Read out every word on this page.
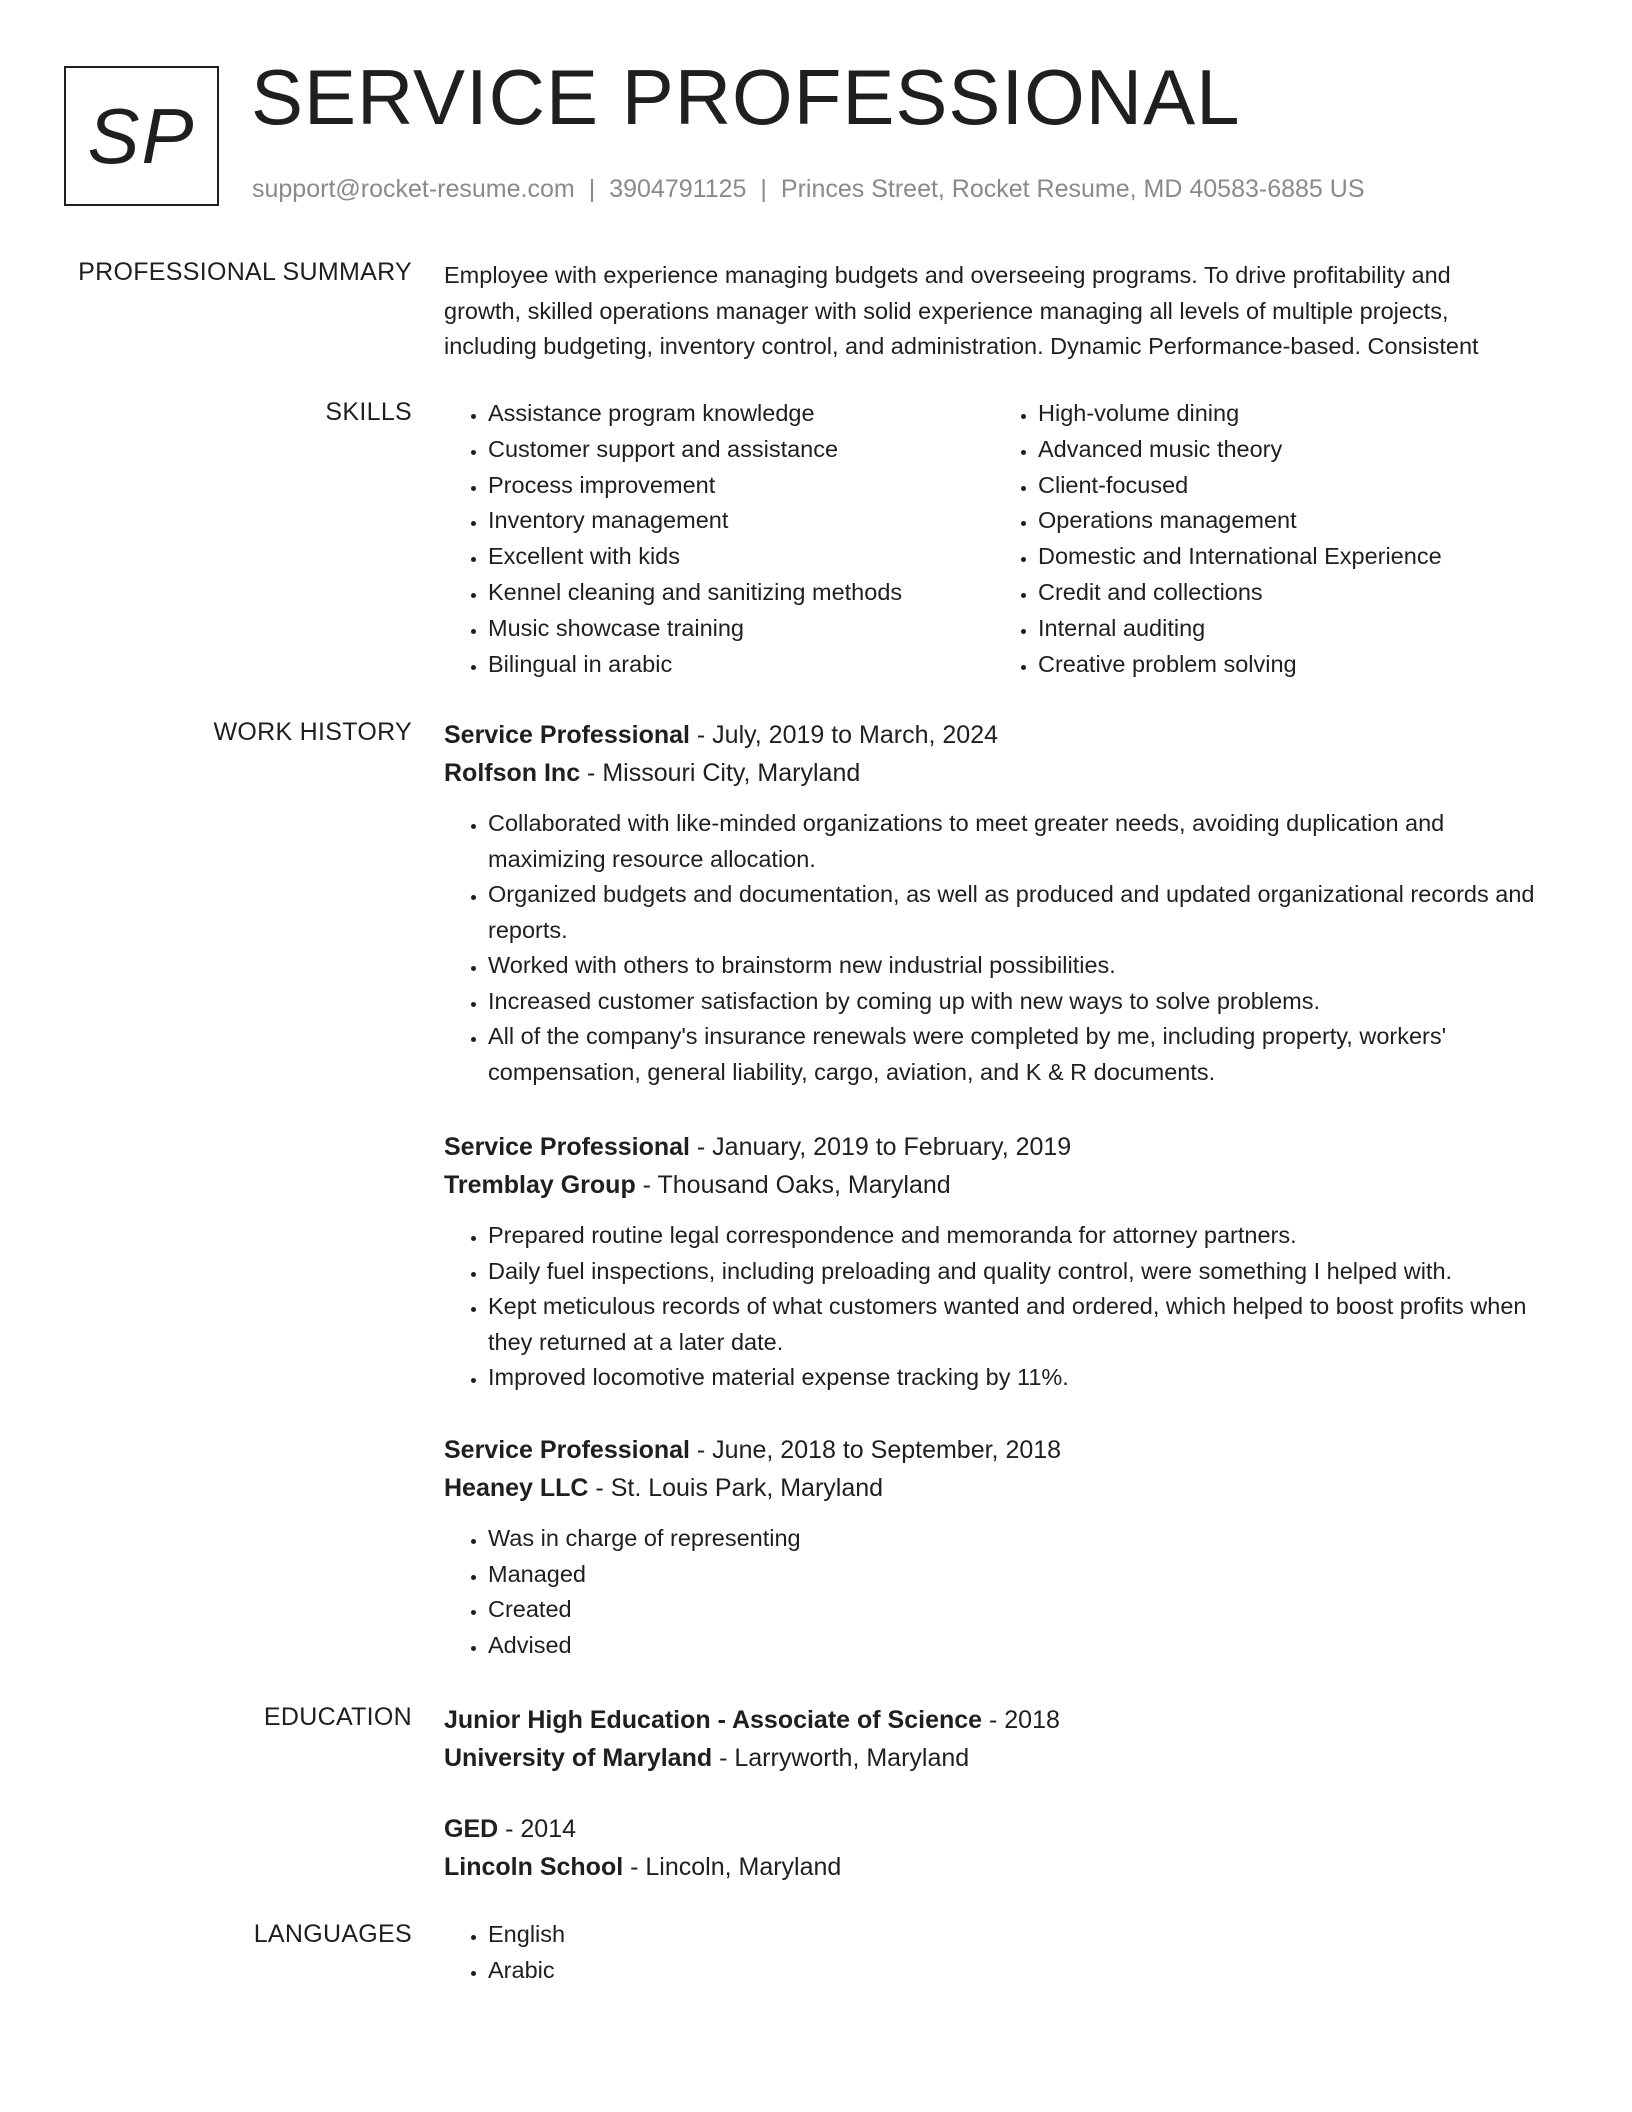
SP SERVICE PROFESSIONAL
support@rocket-resume.com | 3904791125 | Princes Street, Rocket Resume, MD 40583-6885 US
PROFESSIONAL SUMMARY Employee with experience managing budgets and overseeing programs. To drive profitability and
growth, skilled operations manager with solid experience managing all levels of multiple projects,
including budgeting, inventory control, and administration. Dynamic Performance-based. Consistent
SKILLS	• Assistance program knowledge
• Customer support and assistance
• Process improvement
• Inventory management
• Excellent with kids
• Kennel cleaning and sanitizing methods
• Music showcase training
• Bilingual in arabic
• High-volume dining
• Advanced music theory
• Client-focused
• Operations management
• Domestic and International Experience
• Credit and collections
• Internal auditing
• Creative problem solving
WORK HISTORY Service Professional - July, 2019 to March, 2024
Rolfson Inc - Missouri City, Maryland
• Collaborated with like-minded organizations to meet greater needs, avoiding duplication and maximizing resource allocation.
• Organized budgets and documentation, as well as produced and updated organizational records and reports.
• Worked with others to brainstorm new industrial possibilities.
• Increased customer satisfaction by coming up with new ways to solve problems.
• All of the company's insurance renewals were completed by me, including property, workers' compensation, general liability, cargo, aviation, and K & R documents.
Service Professional - January, 2019 to February, 2019
Tremblay Group - Thousand Oaks, Maryland
• Prepared routine legal correspondence and memoranda for attorney partners.
• Daily fuel inspections, including preloading and quality control, were something I helped with.
• Kept meticulous records of what customers wanted and ordered, which helped to boost profits when they returned at a later date.
• Improved locomotive material expense tracking by 11%.
Service Professional - June, 2018 to September, 2018
Heaney LLC - St. Louis Park, Maryland
• Was in charge of representing
• Managed
• Created
• Advised
EDUCATION Junior High Education - Associate of Science - 2018
University of Maryland - Larryworth, Maryland
GED - 2014
Lincoln School - Lincoln, Maryland
LANGUAGES	• English
• Arabic
